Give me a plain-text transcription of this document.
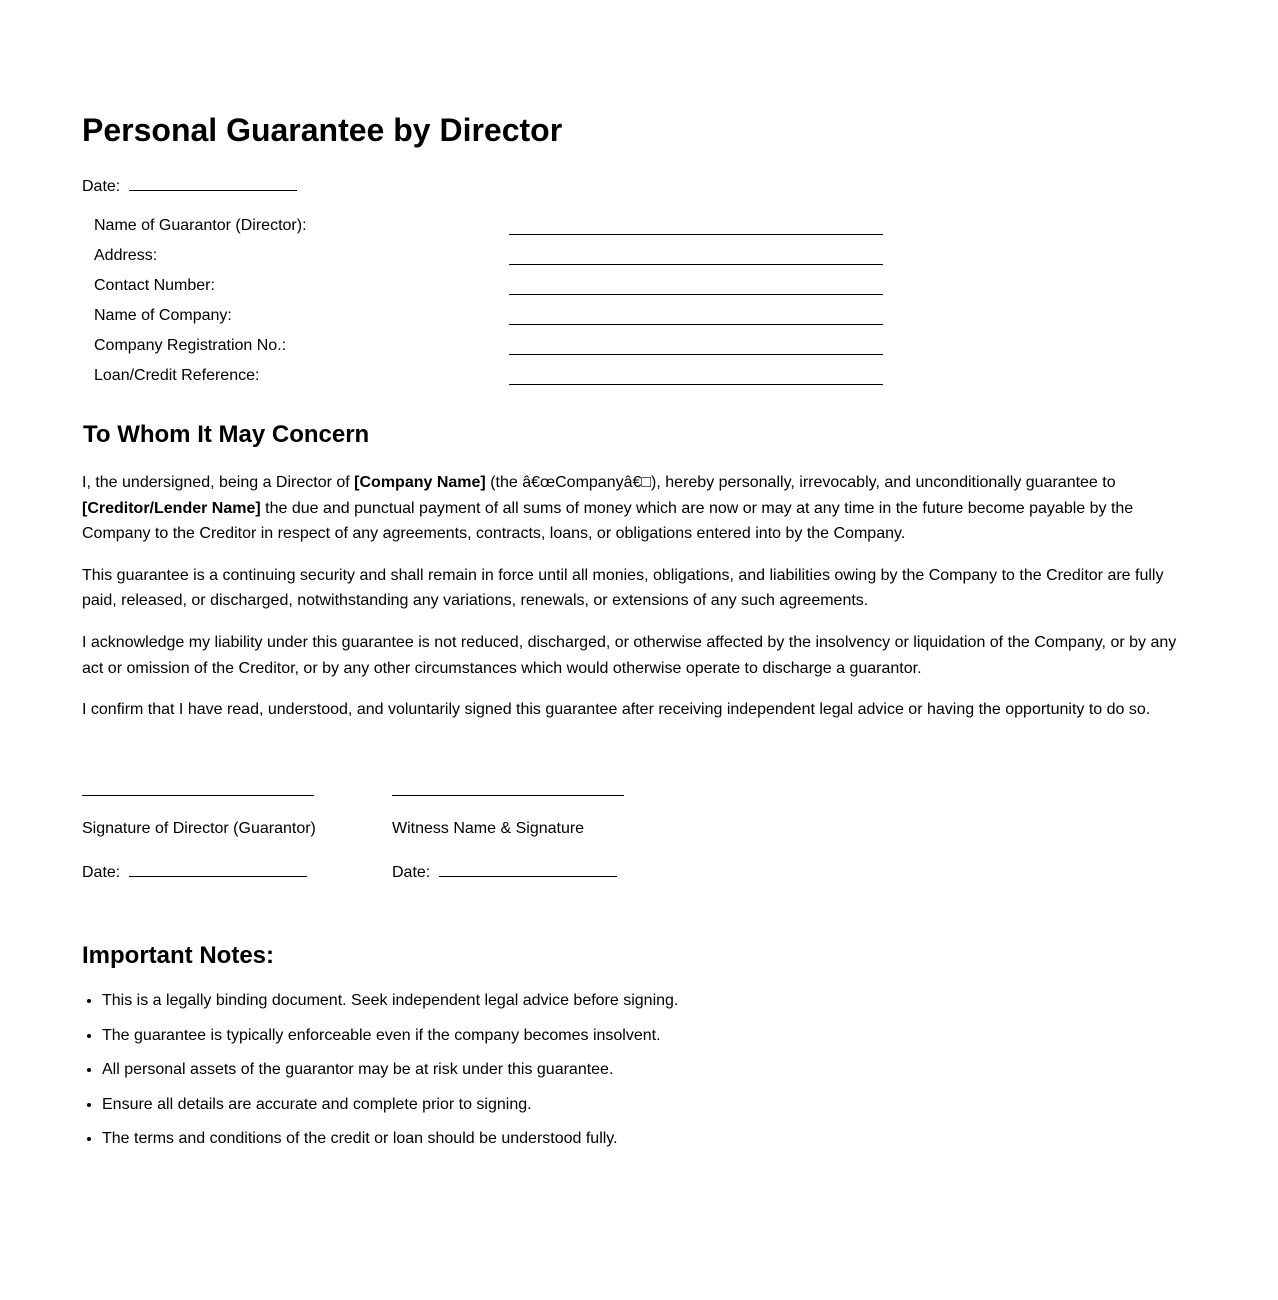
Personal Guarantee by Director
Date:
Name of Guarantor (Director):
Address:
Contact Number:
Name of Company:
Company Registration No.:
Loan/Credit Reference:
To Whom It May Concern

I, the undersigned, being a Director of [Company Name] (the â€œCompanyâ€□), hereby personally, irrevocably, and unconditionally guarantee to [Creditor/Lender Name] the due and punctual payment of all sums of money which are now or may at any time in the future become payable by the Company to the Creditor in respect of any agreements, contracts, loans, or obligations entered into by the Company.

This guarantee is a continuing security and shall remain in force until all monies, obligations, and liabilities owing by the Company to the Creditor are fully paid, released, or discharged, notwithstanding any variations, renewals, or extensions of any such agreements.

I acknowledge my liability under this guarantee is not reduced, discharged, or otherwise affected by the insolvency or liquidation of the Company, or by any act or omission of the Creditor, or by any other circumstances which would otherwise operate to discharge a guarantor.

I confirm that I have read, understood, and voluntarily signed this guarantee after receiving independent legal advice or having the opportunity to do so.

Signature of Director (Guarantor)
Date:
Witness Name & Signature
Date:
Important Notes:
• This is a legally binding document. Seek independent legal advice before signing.
• The guarantee is typically enforceable even if the company becomes insolvent.
• All personal assets of the guarantor may be at risk under this guarantee.
• Ensure all details are accurate and complete prior to signing.
• The terms and conditions of the credit or loan should be understood fully.
